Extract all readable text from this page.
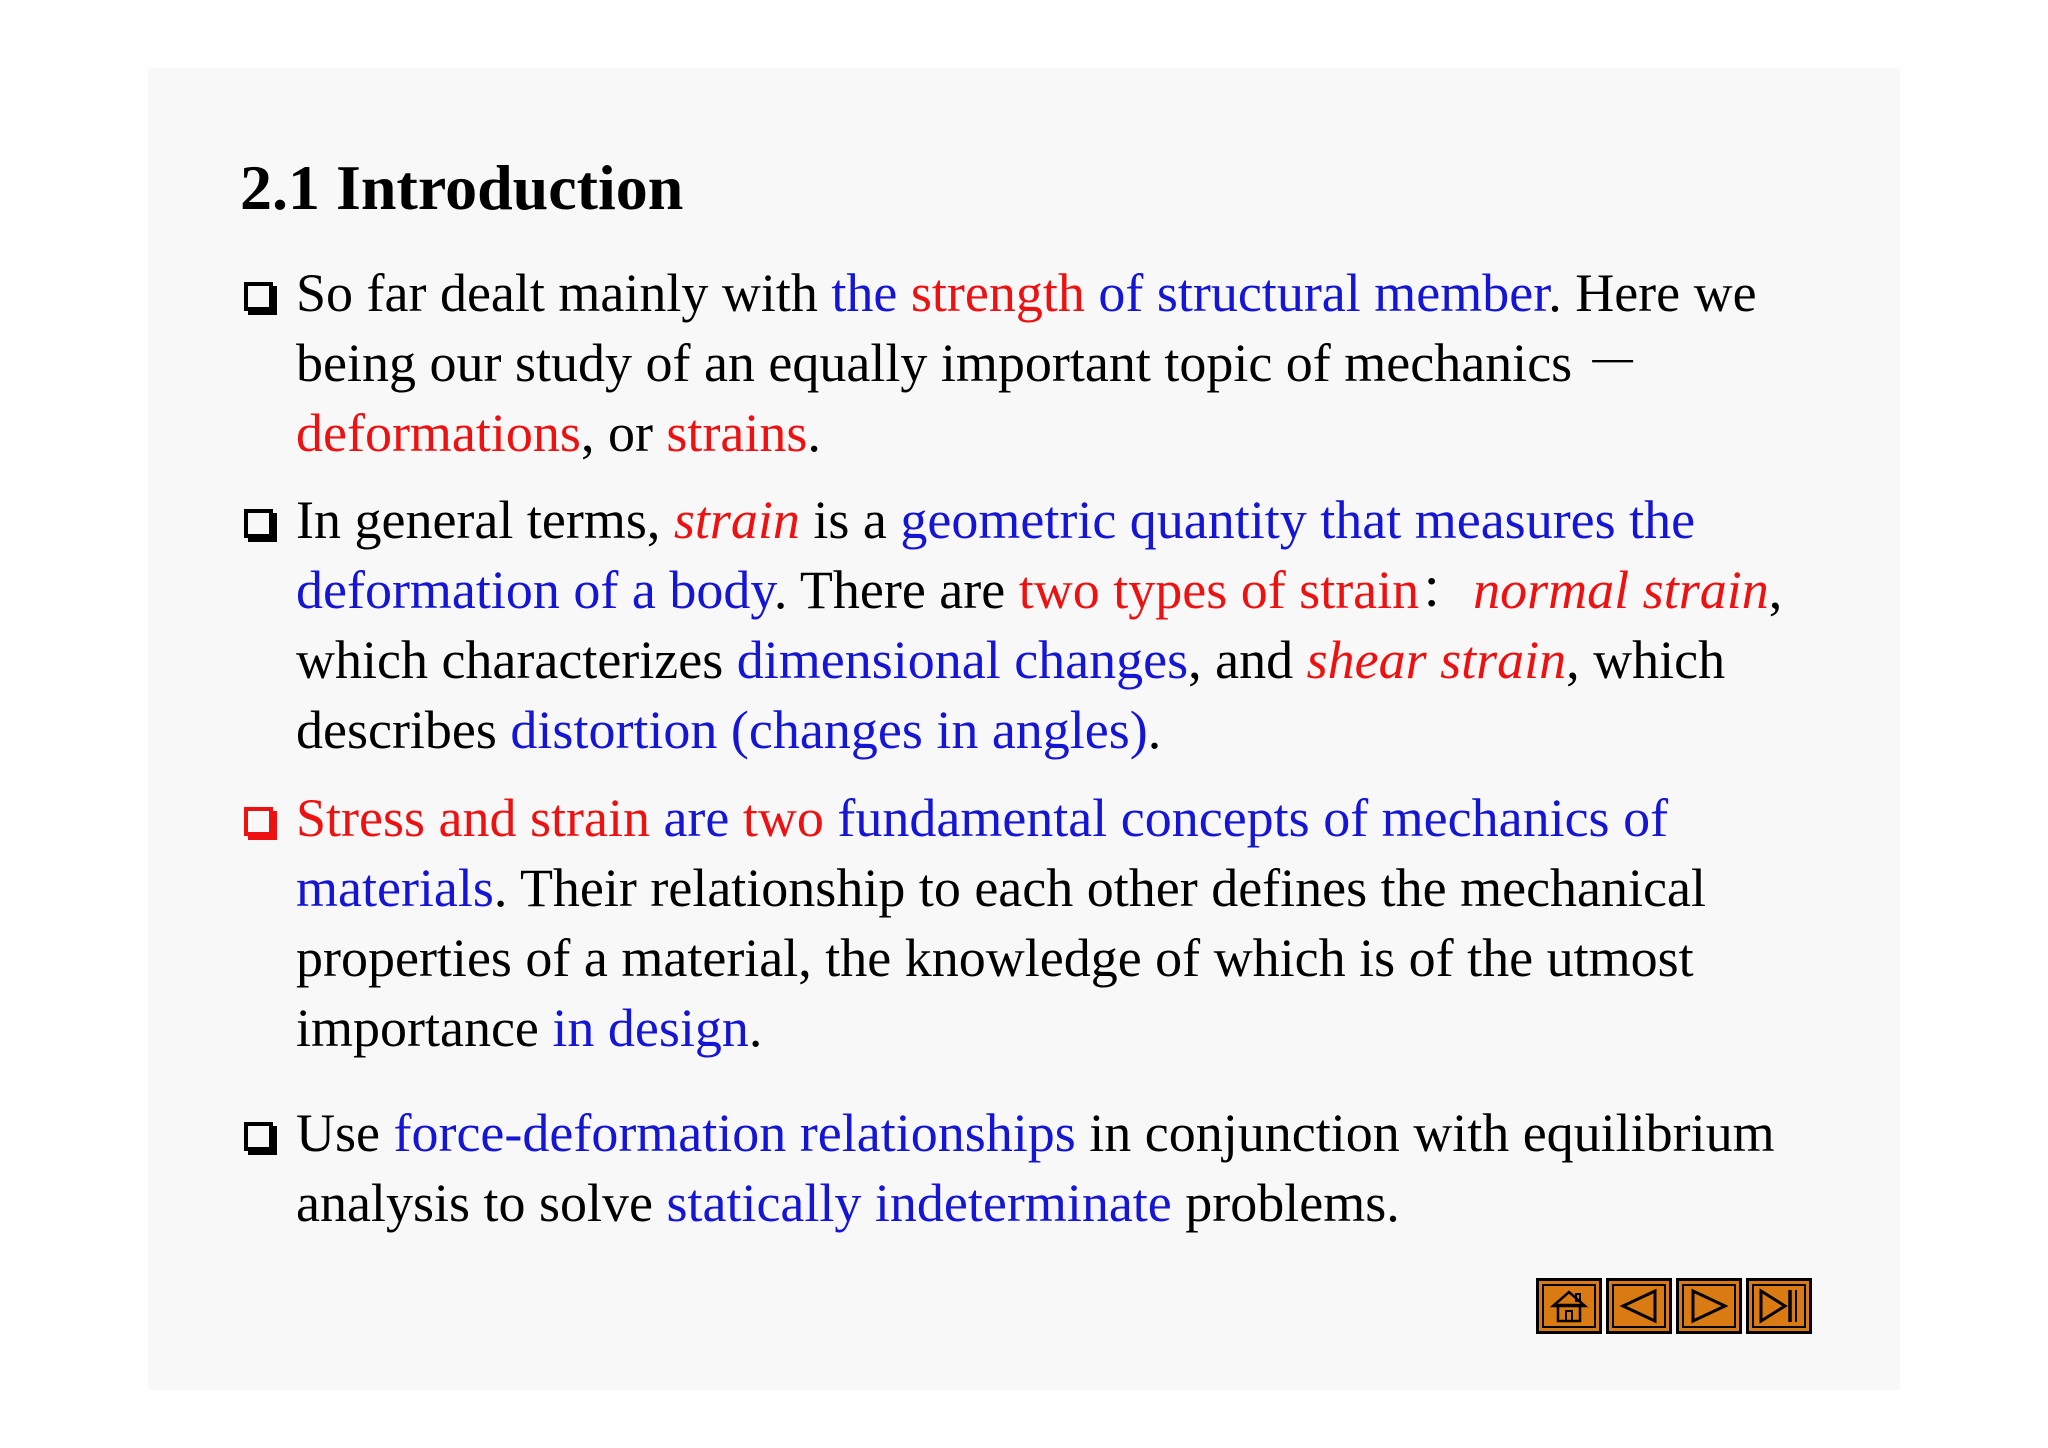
2.1 Introduction
So far dealt mainly with the strength of structural member. Here we being our study of an equally important topic of mechanics －deformations, or strains.
In general terms, strain is a geometric quantity that measures the deformation of a body. There are two types of strain：normal strain, which characterizes dimensional changes, and shear strain, which describes distortion (changes in angles).
Stress and strain are two fundamental concepts of mechanics of materials. Their relationship to each other defines the mechanical properties of a material, the knowledge of which is of the utmost importance in design.
Use force-deformation relationships in conjunction with equilibrium analysis to solve statically indeterminate problems.
